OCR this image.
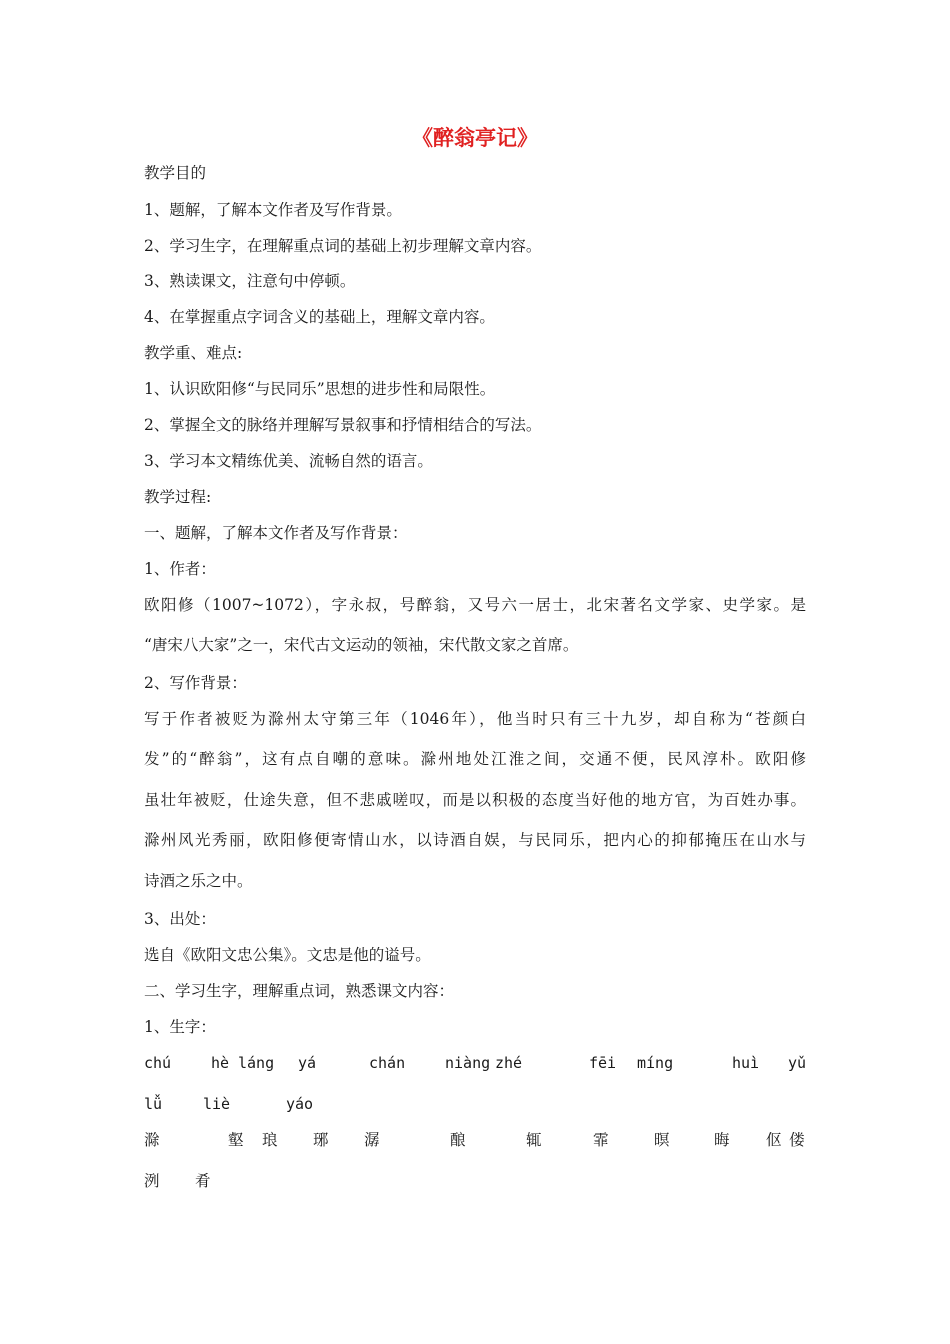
《醉翁亭记》
教学目的
1、题解，了解本文作者及写作背景。
2、学习生字，在理解重点词的基础上初步理解文章内容。
3、熟读课文，注意句中停顿。
4、在掌握重点字词含义的基础上，理解文章内容。
教学重、难点:
1、认识欧阳修“与民同乐”思想的进步性和局限性。
2、掌握全文的脉络并理解写景叙事和抒情相结合的写法。
3、学习本文精练优美、流畅自然的语言。
教学过程:
一、题解，了解本文作者及写作背景：
1、作者：
欧阳修（1007~1072），字永叔，号醉翁，又号六一居士，北宋著名文学家、史学家。是
“唐宋八大家”之一，宋代古文运动的领袖，宋代散文家之首席。
2、写作背景：
写于作者被贬为滁州太守第三年（1046年），他当时只有三十九岁，却自称为“苍颜白
发”的“醉翁”，这有点自嘲的意味。滁州地处江淮之间，交通不便，民风淳朴。欧阳修
虽壮年被贬，仕途失意，但不悲戚嗟叹，而是以积极的态度当好他的地方官，为百姓办事。
滁州风光秀丽，欧阳修便寄情山水，以诗酒自娱，与民同乐，把内心的抑郁掩压在山水与
诗酒之乐之中。
3、出处：
选自《欧阳文忠公集》。文忠是他的谥号。
二、学习生字，理解重点词，熟悉课文内容：
1、生字：
chú	hè láng yá	chán	niàng zhé	fēi míng	huì yǔ
lǚ	liè	yáo
滁	壑 琅 琊 潺	酿	辄	霏	暝	晦 伛 偻
洌 肴
